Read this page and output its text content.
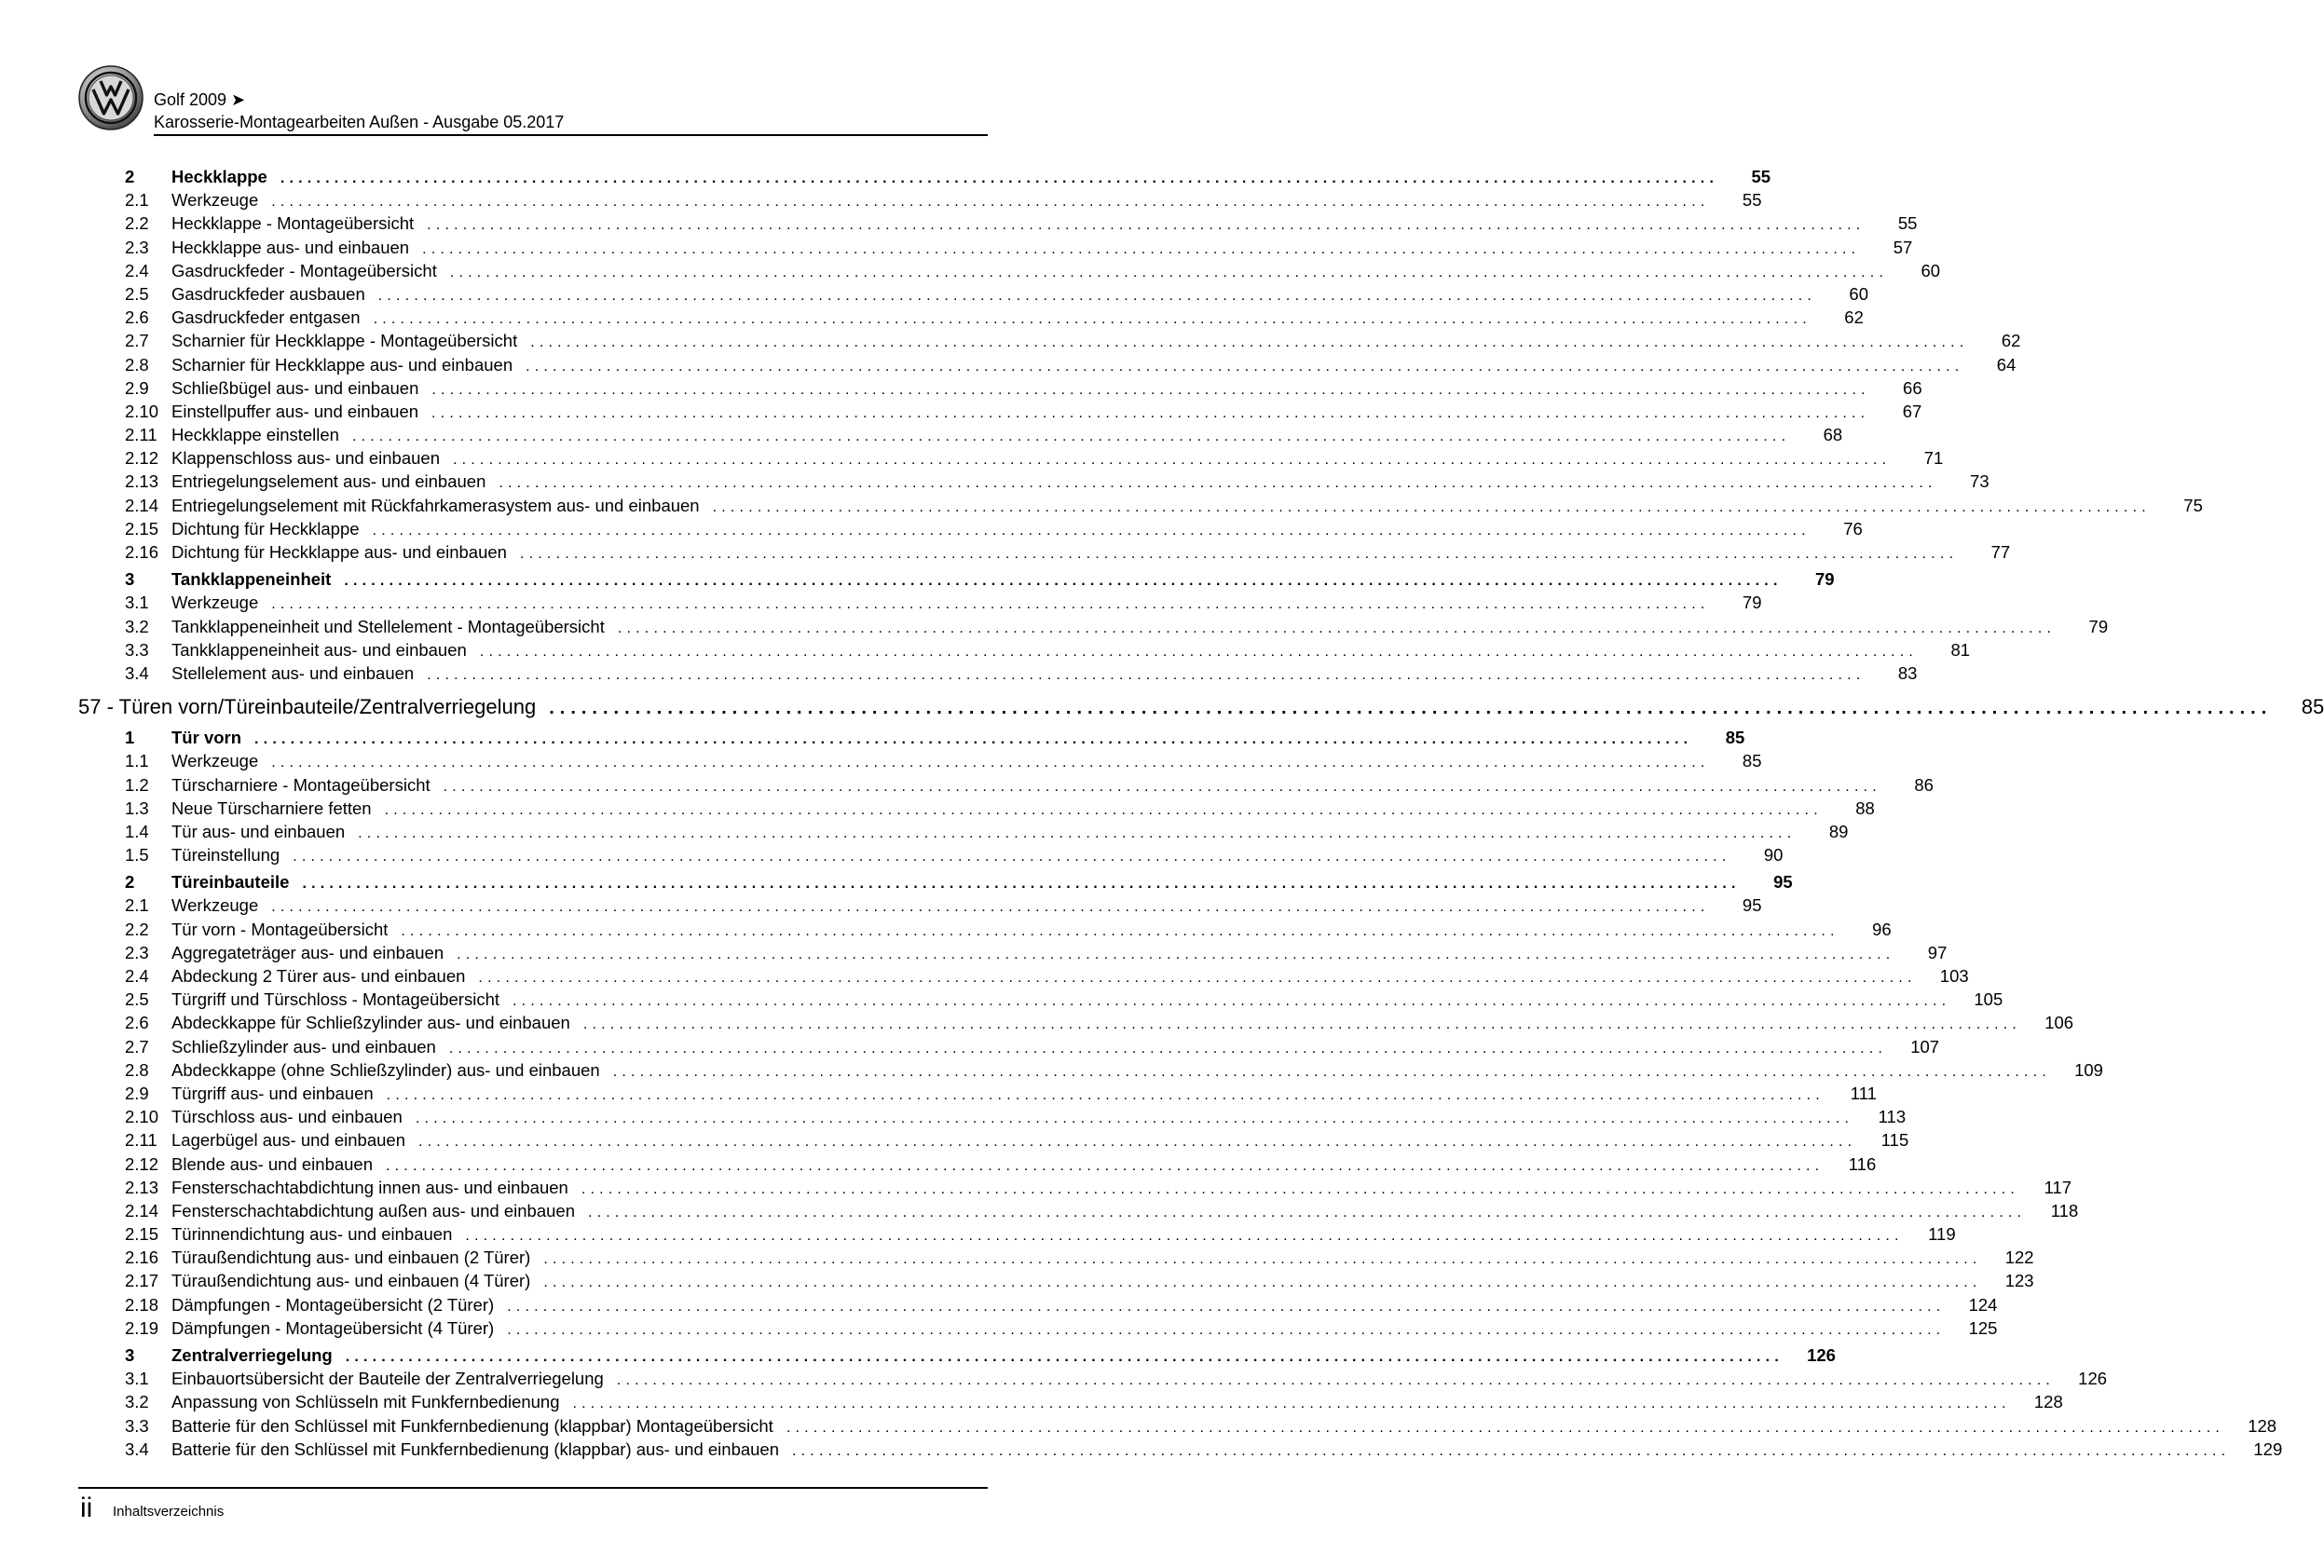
Golf 2009 ➤
Karosserie-Montagearbeiten Außen - Ausgabe 05.2017
2	Heckklappe ................................................................................................................................................................	55
2.1	Werkzeuge ................................................................................................................................................................	55
2.2	Heckklappe - Montageübersicht ................................................................................................................................................................	55
2.3	Heckklappe aus- und einbauen ................................................................................................................................................................	57
2.4	Gasdruckfeder - Montageübersicht ................................................................................................................................................................	60
2.5	Gasdruckfeder ausbauen ................................................................................................................................................................	60
2.6	Gasdruckfeder entgasen ................................................................................................................................................................	62
2.7	Scharnier für Heckklappe - Montageübersicht ................................................................................................................................................................	62
2.8	Scharnier für Heckklappe aus- und einbauen ................................................................................................................................................................	64
2.9	Schließbügel aus- und einbauen ................................................................................................................................................................	66
2.10 Einstellpuffer aus- und einbauen ................................................................................................................................................................	67
2.11 Heckklappe einstellen ................................................................................................................................................................	68
2.12 Klappenschloss aus- und einbauen ................................................................................................................................................................	71
2.13 Entriegelungselement aus- und einbauen ................................................................................................................................................................	73
2.14 Entriegelungselement mit Rückfahrkamerasystem aus- und einbauen ................................................................................................................................................................	75
2.15 Dichtung für Heckklappe ................................................................................................................................................................	76
2.16 Dichtung für Heckklappe aus- und einbauen ................................................................................................................................................................	77
3	Tankklappeneinheit ................................................................................................................................................................	79
3.1	Werkzeuge ................................................................................................................................................................	79
3.2	Tankklappeneinheit und Stellelement - Montageübersicht ................................................................................................................................................................	79
3.3	Tankklappeneinheit aus- und einbauen ................................................................................................................................................................	81
3.4	Stellelement aus- und einbauen ................................................................................................................................................................	83
57 - Türen vorn/Türeinbauteile/Zentralverriegelung ................................................................................................................................................................	85
1	Tür vorn ................................................................................................................................................................	85
1.1	Werkzeuge ................................................................................................................................................................	85
1.2	Türscharniere - Montageübersicht ................................................................................................................................................................	86
1.3	Neue Türscharniere fetten ................................................................................................................................................................	88
1.4	Tür aus- und einbauen ................................................................................................................................................................	89
1.5	Türeinstellung ................................................................................................................................................................	90
2	Türeinbauteile ................................................................................................................................................................	95
2.1	Werkzeuge ................................................................................................................................................................	95
2.2	Tür vorn - Montageübersicht ................................................................................................................................................................	96
2.3	Aggregateträger aus- und einbauen ................................................................................................................................................................	97
2.4	Abdeckung 2 Türer aus- und einbauen ................................................................................................................................................................	103
2.5	Türgriff und Türschloss - Montageübersicht ................................................................................................................................................................	105
2.6	Abdeckkappe für Schließzylinder aus- und einbauen ................................................................................................................................................................	106
2.7	Schließzylinder aus- und einbauen ................................................................................................................................................................	107
2.8	Abdeckkappe (ohne Schließzylinder) aus- und einbauen ................................................................................................................................................................	109
2.9	Türgriff aus- und einbauen ................................................................................................................................................................	111
2.10 Türschloss aus- und einbauen ................................................................................................................................................................	113
2.11 Lagerbügel aus- und einbauen ................................................................................................................................................................	115
2.12 Blende aus- und einbauen ................................................................................................................................................................	116
2.13 Fensterschachtabdichtung innen aus- und einbauen ................................................................................................................................................................	117
2.14 Fensterschachtabdichtung außen aus- und einbauen ................................................................................................................................................................	118
2.15 Türinnendichtung aus- und einbauen ................................................................................................................................................................	119
2.16 Türaußendichtung aus- und einbauen (2 Türer) ................................................................................................................................................................	122
2.17 Türaußendichtung aus- und einbauen (4 Türer) ................................................................................................................................................................	123
2.18 Dämpfungen - Montageübersicht (2 Türer) ................................................................................................................................................................	124
2.19 Dämpfungen - Montageübersicht (4 Türer) ................................................................................................................................................................	125
3	Zentralverriegelung ................................................................................................................................................................	126
3.1	Einbauortsübersicht der Bauteile der Zentralverriegelung ................................................................................................................................................................	126
3.2	Anpassung von Schlüsseln mit Funkfernbedienung ................................................................................................................................................................	128
3.3	Batterie für den Schlüssel mit Funkfernbedienung (klappbar) Montageübersicht ................................................................................................................................................................	128
3.4	Batterie für den Schlüssel mit Funkfernbedienung (klappbar) aus- und einbauen ................................................................................................................................................................	129
ii Inhaltsverzeichnis
